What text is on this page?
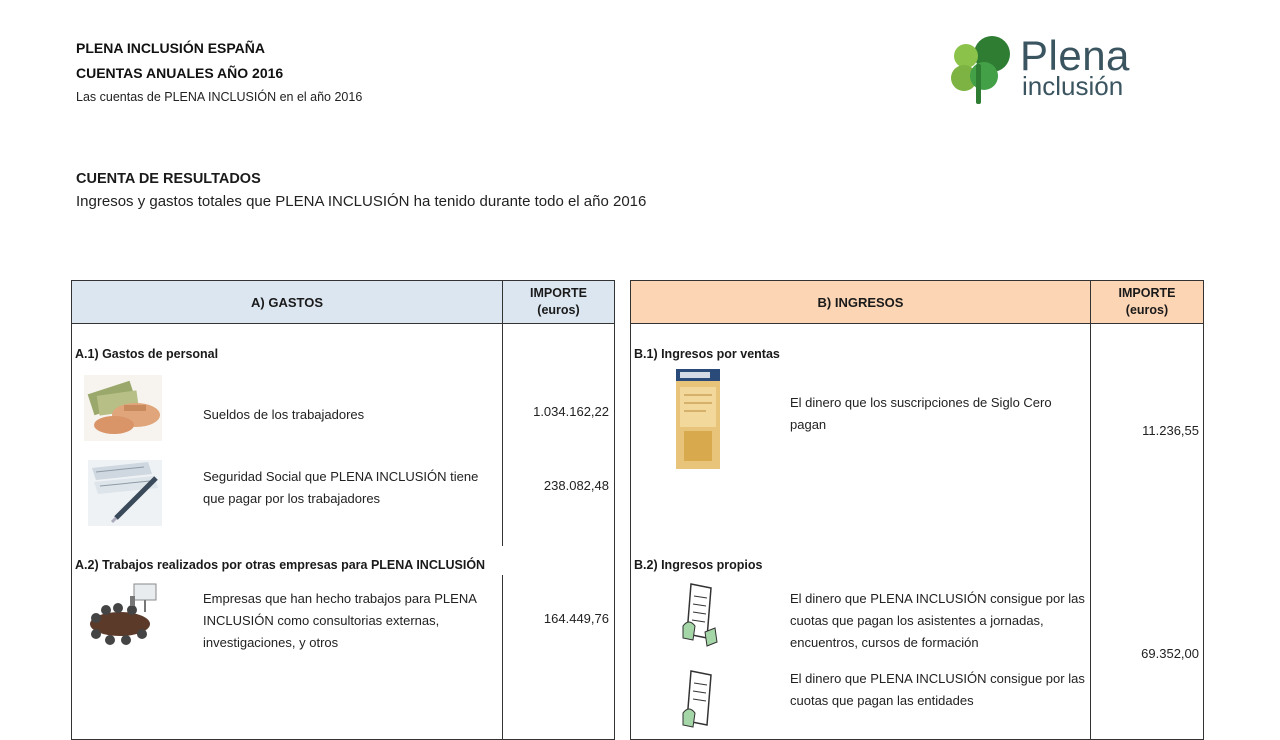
PLENA INCLUSIÓN ESPAÑA
CUENTAS ANUALES AÑO 2016
Las cuentas de PLENA INCLUSIÓN en el año 2016
Plena
inclusión
CUENTA DE RESULTADOS
Ingresos y gastos totales que PLENA INCLUSIÓN ha tenido durante todo el año 2016
A) GASTOS
IMPORTE
(euros)
A.1) Gastos de personal
Sueldos de los trabajadores	1.034.162,22
Seguridad Social que PLENA INCLUSIÓN tiene que pagar por los trabajadores
238.082,48
A.2) Trabajos realizados por otras empresas para PLENA INCLUSIÓN
Empresas que han hecho trabajos para PLENA INCLUSIÓN como consultorias externas, investigaciones, y otros
164.449,76
B) INGRESOS
IMPORTE
(euros)
B.1) Ingresos por ventas
El dinero que los suscripciones de Siglo Cero pagan	11.236,55
B.2) Ingresos propios
El dinero que PLENA INCLUSIÓN consigue por las cuotas que pagan los asistentes a jornadas, encuentros, cursos de formación
69.352,00
El dinero que PLENA INCLUSIÓN consigue por las cuotas que pagan las entidades
